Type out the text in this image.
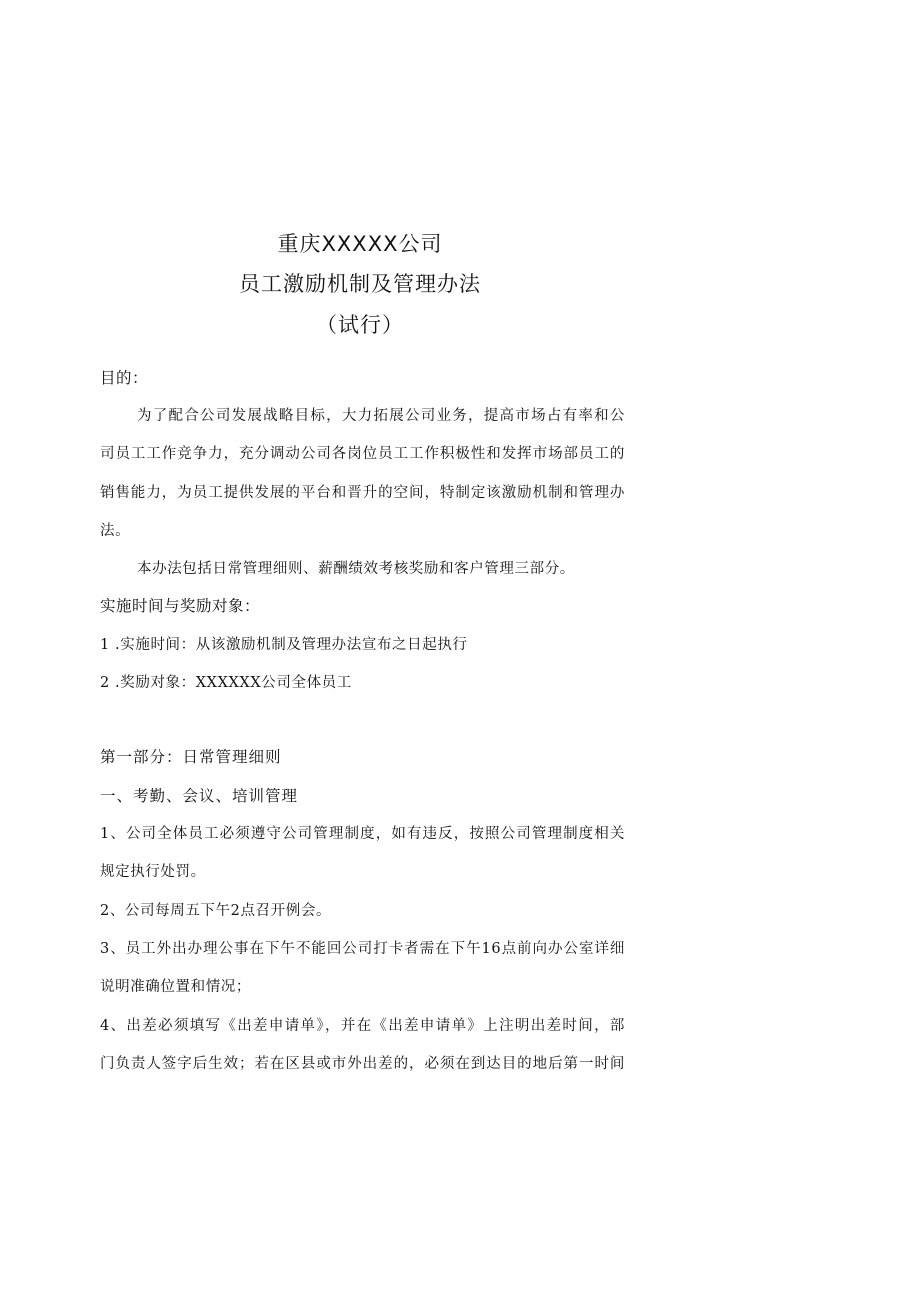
重庆XXXXX公司
员工激励机制及管理办法
（试行）
目的：
为了配合公司发展战略目标，大力拓展公司业务，提高市场占有率和公
司员工工作竞争力，充分调动公司各岗位员工工作积极性和发挥市场部员工的
销售能力，为员工提供发展的平台和晋升的空间，特制定该激励机制和管理办
法。
本办法包括日常管理细则、薪酬绩效考核奖励和客户管理三部分。
实施时间与奖励对象：
1 .实施时间：从该激励机制及管理办法宣布之日起执行
2 .奖励对象：XXXXXX公司全体员工
第一部分：日常管理细则
一、考勤、会议、培训管理
1、公司全体员工必须遵守公司管理制度，如有违反，按照公司管理制度相关
规定执行处罚。
2、公司每周五下午2点召开例会。
3、员工外出办理公事在下午不能回公司打卡者需在下午16点前向办公室详细
说明准确位置和情况；
4、出差必须填写《出差申请单》，并在《出差申请单》上注明出差时间，部
门负责人签字后生效；若在区县或市外出差的，必须在到达目的地后第一时间
